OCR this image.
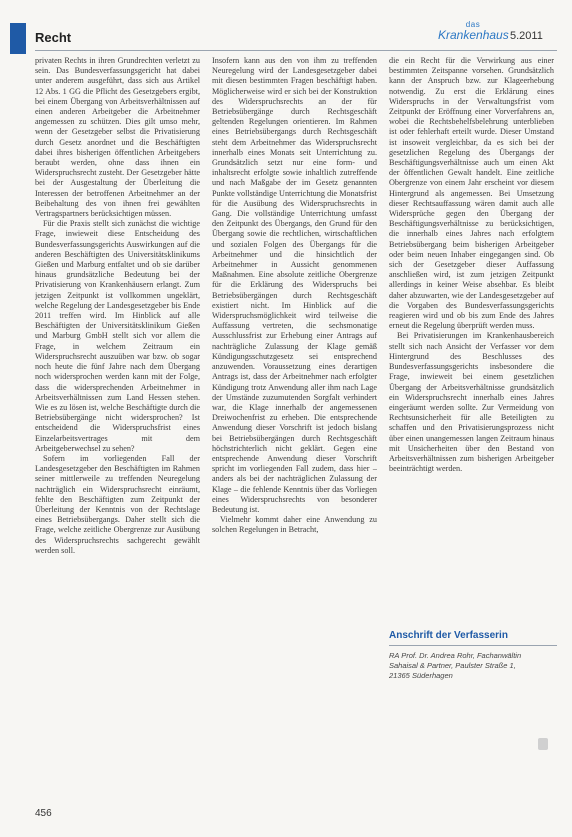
Recht
das
Krankenhaus 5.2011

privaten Rechts in ihren Grundrechten verletzt zu sein. Das Bundesverfassungsgericht hat dabei unter anderem ausgeführt, dass sich aus Artikel 12 Abs. 1 GG die Pflicht des Gesetzgebers ergibt, bei einem Übergang von Arbeitsverhältnissen auf einen anderen Arbeitgeber die Arbeitnehmer angemessen zu schützen. Dies gilt umso mehr, wenn der Gesetzgeber selbst die Privatisierung durch Gesetz anordnet und die Beschäftigten dabei ihres bisherigen öffentlichen Arbeitgebers beraubt werden, ohne dass ihnen ein Widerspruchsrecht zusteht. Der Gesetzgeber hätte bei der Ausgestaltung der Überleitung die Interessen der betroffenen Arbeitnehmer an der Beibehaltung des von ihnen frei gewählten Vertragspartners berücksichtigen müssen.

Für die Praxis stellt sich zunächst die wichtige Frage, inwieweit diese Entscheidung des Bundesverfassungsgerichts Auswirkungen auf die anderen Beschäftigten des Universitätsklinikums Gießen und Marburg entfaltet und ob sie darüber hinaus grundsätzliche Bedeutung bei der Privatisierung von Krankenhäusern erlangt. Zum jetzigen Zeitpunkt ist vollkommen ungeklärt, welche Regelung der Landesgesetzgeber bis Ende 2011 treffen wird. Im Hinblick auf alle Beschäftigten der Universitätsklinikum Gießen und Marburg GmbH stellt sich vor allem die Frage, in welchem Zeitraum ein Widerspruchsrecht auszuüben war bzw. ob sogar noch heute die fünf Jahre nach dem Übergang noch widersprochen werden kann mit der Folge, dass die widersprechenden Arbeitnehmer in Arbeitsverhältnissen zum Land Hessen stehen. Wie es zu lösen ist, welche Beschäftigte durch die Betriebsübergänge nicht widersprochen? Ist entscheidend die Widerspruchsfrist eines Einzelarbeitsvertrages mit dem Arbeitgeberwechsel zu sehen?

Sofern im vorliegenden Fall der Landesgesetzgeber den Beschäftigten im Rahmen seiner mittlerweile zu treffenden Neuregelung nachträglich ein Widerspruchsrecht einräumt, fehlte den Beschäftigten zum Zeitpunkt der Überleitung der Kenntnis von der Rechtslage eines Betriebsübergangs. Daher stellt sich die Frage, welche zeitliche Obergrenze zur Ausübung des Widerspruchsrechts sachgerecht gewählt werden soll.

Insofern kann aus den von ihm zu treffenden Neuregelung wird der Landesgesetzgeber dabei mit diesen bestimmten Fragen beschäftigt haben. Möglicherweise wird er sich bei der Konstruktion des Widerspruchsrechts an der für Betriebsübergänge durch Rechtsgeschäft geltenden Regelungen orientieren. Im Rahmen eines Betriebsübergangs durch Rechtsgeschäft steht dem Arbeitnehmer das Widerspruchsrecht innerhalb eines Monats seit Unterrichtung zu. Grundsätzlich setzt nur eine form- und inhaltsrecht erfolgte sowie inhaltlich zutreffende und nach Maßgabe der im Gesetz genannten Punkte vollständige Unterrichtung die Monatsfrist für die Ausübung des Widerspruchsrechts in Gang. Die vollständige Unterrichtung umfasst den Zeitpunkt des Übergangs, den Grund für den Übergang sowie die rechtlichen, wirtschaftlichen und sozialen Folgen des Übergangs für die Arbeitnehmer und die hinsichtlich der Arbeitnehmer in Aussicht genommenen Maßnahmen. Eine absolute zeitliche Obergrenze für die Erklärung des Widerspruchs bei Betriebsübergängen durch Rechtsgeschäft existiert nicht. Im Hinblick auf die Widerspruchsmöglichkeit wird teilweise die Auffassung vertreten, die sechsmonatige Ausschlussfrist zur Erhebung einer Antrags auf nachträgliche Zulassung der Klage gemäß Kündigungsschutzgesetz sei entsprechend anzuwenden. Voraussetzung eines derartigen Antrags ist, dass der Arbeitnehmer nach erfolgter Kündigung trotz Anwendung aller ihm nach Lage der Umstände zuzumutenden Sorgfalt verhindert war, die Klage innerhalb der angemessenen Dreiwochenfrist zu erheben. Die entsprechende Anwendung dieser Vorschrift ist jedoch bislang bei Betriebsübergängen durch Rechtsgeschäft höchstrichterlich nicht geklärt. Gegen eine entsprechende Anwendung dieser Vorschrift spricht im vorliegenden Fall zudem, dass hier – anders als bei der nachträglichen Zulassung der Klage – die fehlende Kenntnis über das Vorliegen eines Widerspruchsrechts von besonderer Bedeutung ist.

Vielmehr kommt daher eine Anwendung zu solchen Regelungen in Betracht,

die ein Recht für die Verwirkung aus einer bestimmten Zeitspanne vorsehen. Grundsätzlich kann der Anspruch bzw. zur Klageerhebung notwendig. Zu erst die Erklärung eines Widerspruchs in der Verwaltungsfrist vom Zeitpunkt der Eröffnung einer Vorverfahrens an, wobei die Rechtsbehelfsbelehrung unterblieben ist oder fehlerhaft erteilt wurde. Dieser Umstand ist insoweit vergleichbar, da es sich bei der gesetzlichen Regelung des Übergangs der Beschäftigungsverhältnisse auch um einen Akt der öffentlichen Gewalt handelt. Eine zeitliche Obergrenze von einem Jahr erscheint vor diesem Hintergrund als angemessen. Bei Umsetzung dieser Rechtsauffassung wären damit auch alle Widersprüche gegen den Übergang der Beschäftigungsverhältnisse zu berücksichtigen, die innerhalb eines Jahres nach erfolgtem Betriebsübergang beim bisherigen Arbeitgeber oder beim neuen Inhaber eingegangen sind. Ob sich der Gesetzgeber dieser Auffassung anschließen wird, ist zum jetzigen Zeitpunkt allerdings in keiner Weise absehbar. Es bleibt daher abzuwarten, wie der Landesgesetzgeber auf die Vorgaben des Bundesverfassungsgerichts reagieren wird und ob bis zum Ende des Jahres erneut die Regelung überprüft werden muss.

Bei Privatisierungen im Krankenhausbereich stellt sich nach Ansicht der Verfasser vor dem Hintergrund des Beschlusses des Bundesverfassungsgerichts insbesondere die Frage, inwieweit bei einem gesetzlichen Übergang der Arbeitsverhältnisse grundsätzlich ein Widerspruchsrecht innerhalb eines Jahres eingeräumt werden sollte. Zur Vermeidung von Rechtsunsicherheit für alle Beteiligten zu schaffen und den Privatisierungsprozess nicht über einen unangemessen langen Zeitraum hinaus mit Unsicherheiten über den Bestand von Arbeitsverhältnissen zum bisherigen Arbeitgeber beeinträchtigt werden.

Anschrift der Verfasserin
RA Prof. Dr. Andrea Rohr, Fachanwältin
Sahaisal & Partner, Paulster Straße 1,
21365 Süderhagen
456
